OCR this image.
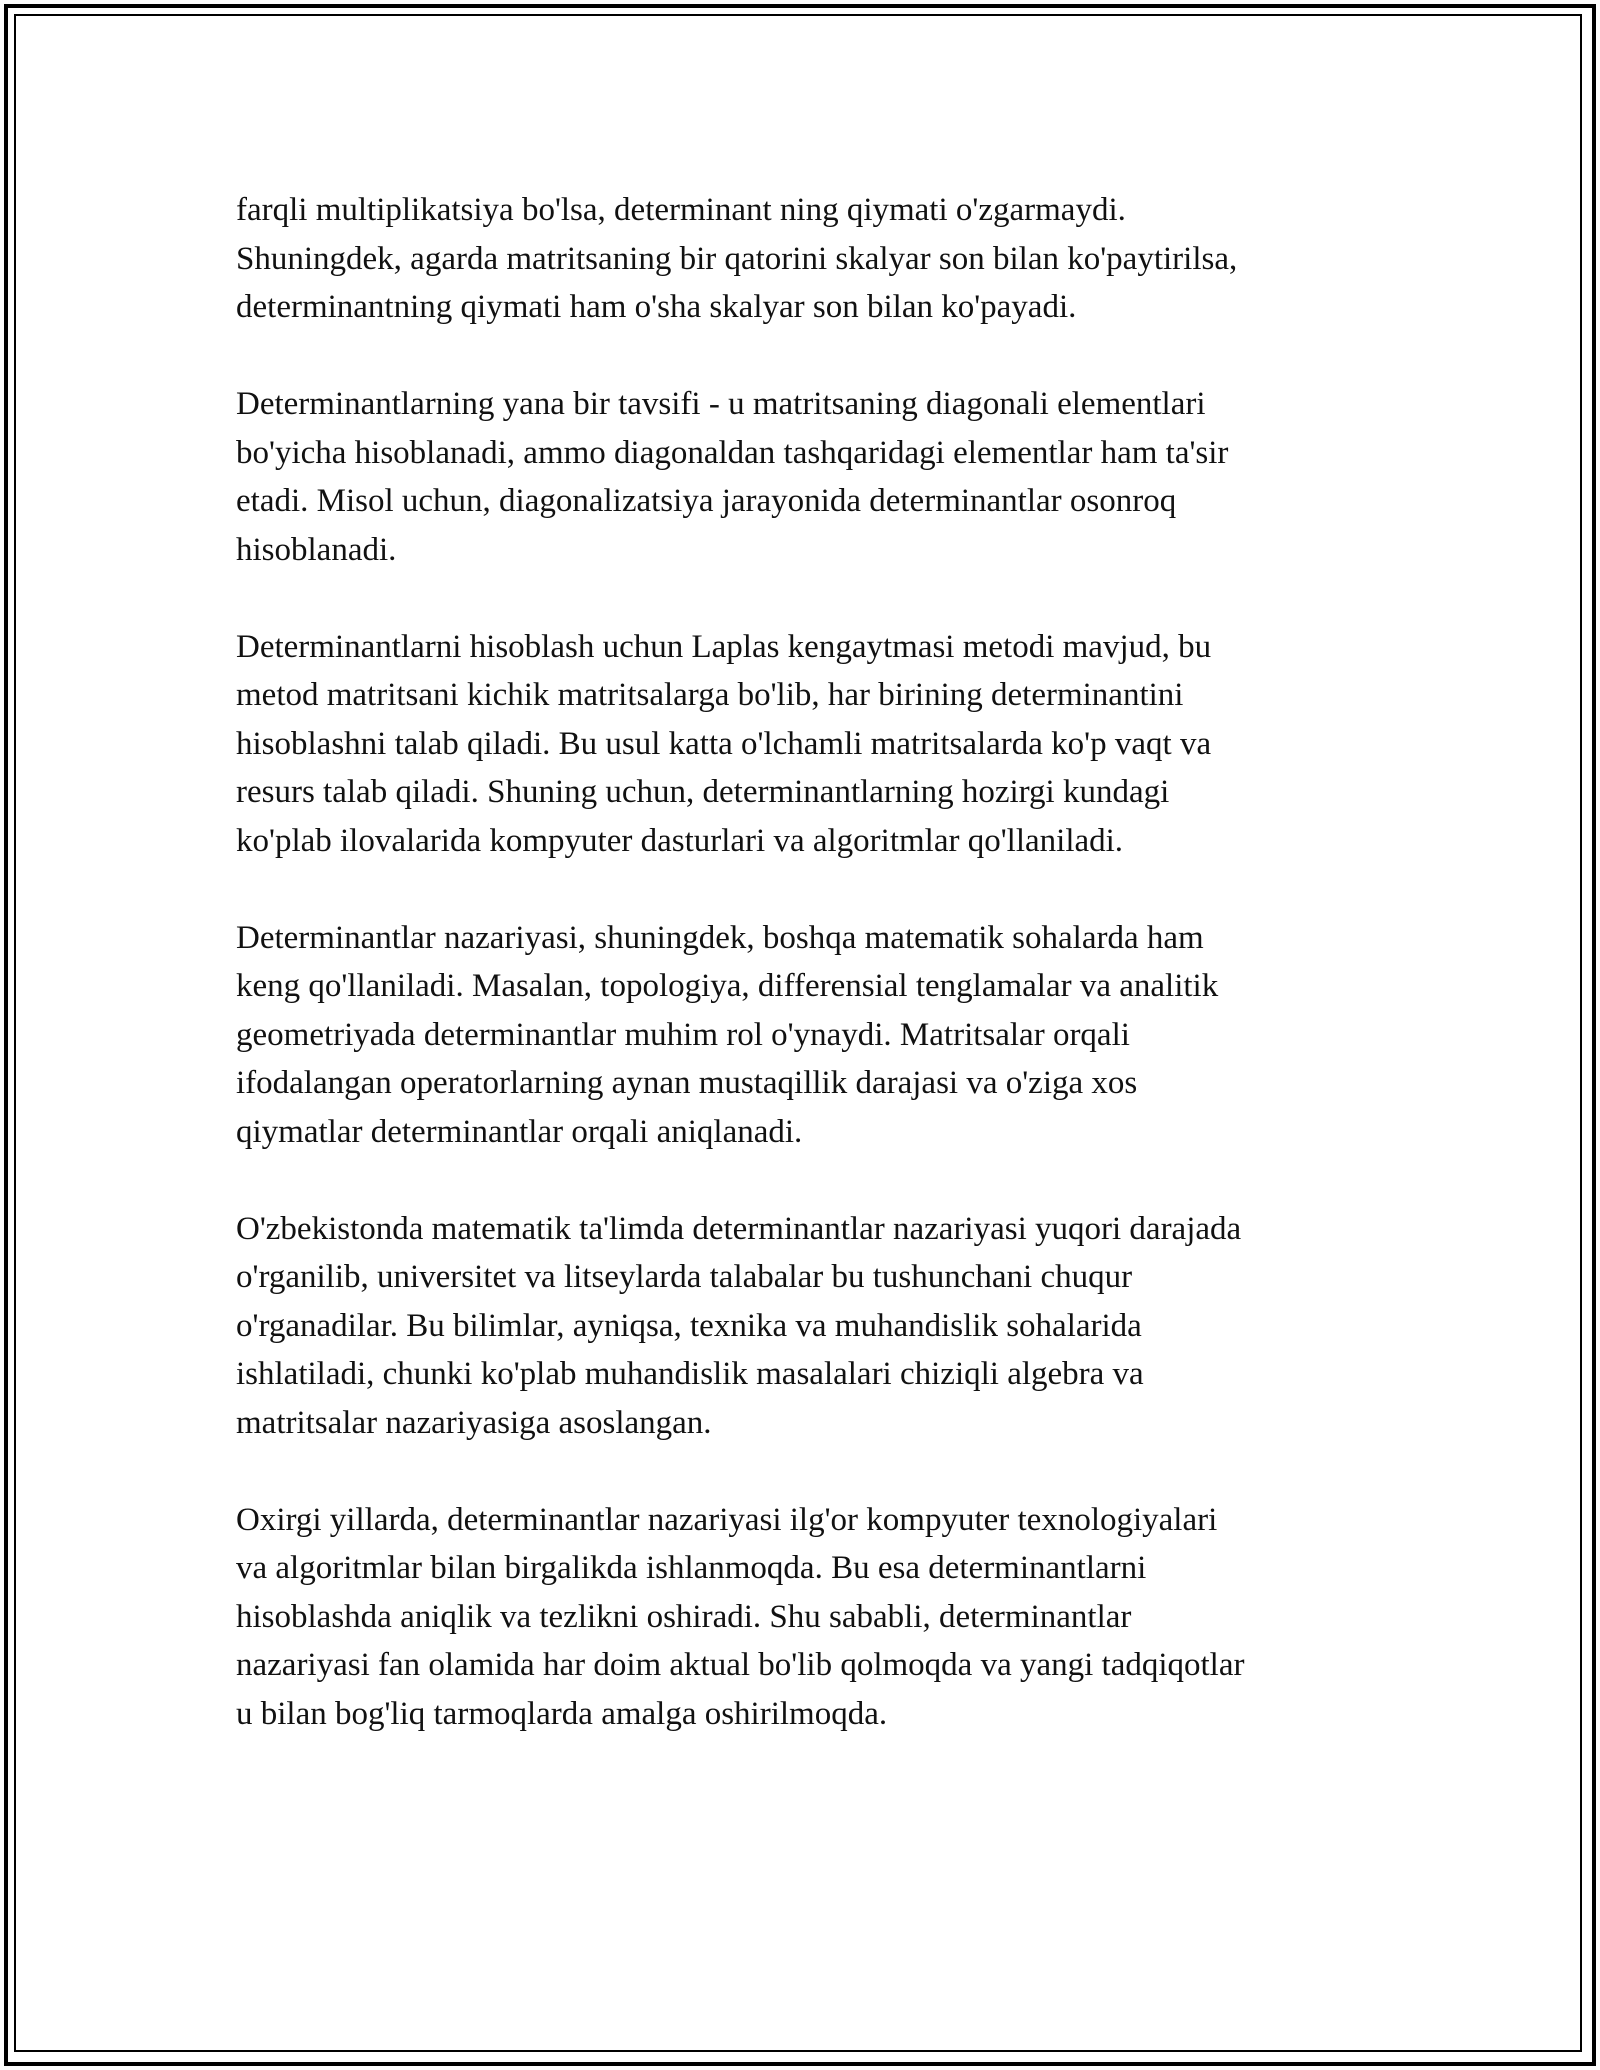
farqli multiplikatsiya bo'lsa, determinant ning qiymati o'zgarmaydi.
Shuningdek, agarda matritsaning bir qatorini skalyar son bilan ko'paytirilsa,
determinantning qiymati ham o'sha skalyar son bilan ko'payadi.

Determinantlarning yana bir tavsifi - u matritsaning diagonali elementlari
bo'yicha hisoblanadi, ammo diagonaldan tashqaridagi elementlar ham ta'sir
etadi. Misol uchun, diagonalizatsiya jarayonida determinantlar osonroq
hisoblanadi.

Determinantlarni hisoblash uchun Laplas kengaytmasi metodi mavjud, bu
metod matritsani kichik matritsalarga bo'lib, har birining determinantini
hisoblashni talab qiladi. Bu usul katta o'lchamli matritsalarda ko'p vaqt va
resurs talab qiladi. Shuning uchun, determinantlarning hozirgi kundagi
ko'plab ilovalarida kompyuter dasturlari va algoritmlar qo'llaniladi.

Determinantlar nazariyasi, shuningdek, boshqa matematik sohalarda ham
keng qo'llaniladi. Masalan, topologiya, differensial tenglamalar va analitik
geometriyada determinantlar muhim rol o'ynaydi. Matritsalar orqali
ifodalangan operatorlarning aynan mustaqillik darajasi va o'ziga xos
qiymatlar determinantlar orqali aniqlanadi.

O'zbekistonda matematik ta'limda determinantlar nazariyasi yuqori darajada
o'rganilib, universitet va litseylarda talabalar bu tushunchani chuqur
o'rganadilar. Bu bilimlar, ayniqsa, texnika va muhandislik sohalarida
ishlatiladi, chunki ko'plab muhandislik masalalari chiziqli algebra va
matritsalar nazariyasiga asoslangan.

Oxirgi yillarda, determinantlar nazariyasi ilg'or kompyuter texnologiyalari
va algoritmlar bilan birgalikda ishlanmoqda. Bu esa determinantlarni
hisoblashda aniqlik va tezlikni oshiradi. Shu sababli, determinantlar
nazariyasi fan olamida har doim aktual bo'lib qolmoqda va yangi tadqiqotlar
u bilan bog'liq tarmoqlarda amalga oshirilmoqda.
